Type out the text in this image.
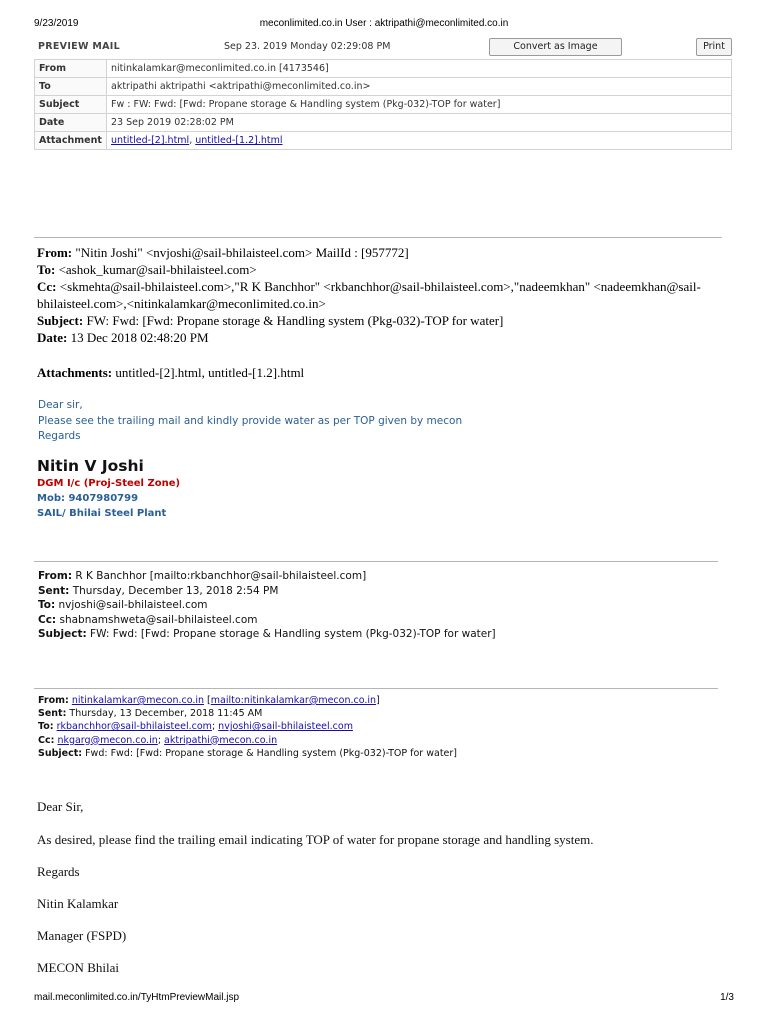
9/23/2019	meconlimited.co.in User : aktripathi@meconlimited.co.in
PREVIEW MAIL	Sep 23. 2019 Monday 02:29:08 PM	Convert as Image	Print
From	nitinkalamkar@meconlimited.co.in [4173546]
To	aktripathi aktripathi <aktripathi@meconlimited.co.in>
Subject	Fw : FW: Fwd: [Fwd: Propane storage & Handling system (Pkg-032)-TOP for water]
Date	23 Sep 2019 02:28:02 PM
Attachment	untitled-[2].html, untitled-[1.2].html
From: "Nitin Joshi" <nvjoshi@sail-bhilaisteel.com> MailId : [957772]
To: <ashok_kumar@sail-bhilaisteel.com>
Cc: <skmehta@sail-bhilaisteel.com>,"R K Banchhor" <rkbanchhor@sail-bhilaisteel.com>,"nadeemkhan" <nadeemkhan@sail-bhilaisteel.com>,<nitinkalamkar@meconlimited.co.in>
Subject: FW: Fwd: [Fwd: Propane storage & Handling system (Pkg-032)-TOP for water]
Date: 13 Dec 2018 02:48:20 PM
Attachments: untitled-[2].html, untitled-[1.2].html
Dear sir,
Please see the trailing mail and kindly provide water as per TOP given by mecon
Regards
Nitin V Joshi
DGM I/c (Proj-Steel Zone)
Mob: 9407980799
SAIL/ Bhilai Steel Plant
From: R K Banchhor [mailto:rkbanchhor@sail-bhilaisteel.com]
Sent: Thursday, December 13, 2018 2:54 PM
To: nvjoshi@sail-bhilaisteel.com
Cc: shabnamshweta@sail-bhilaisteel.com
Subject: FW: Fwd: [Fwd: Propane storage & Handling system (Pkg-032)-TOP for water]
From: nitinkalamkar@mecon.co.in [mailto:nitinkalamkar@mecon.co.in]
Sent: Thursday, 13 December, 2018 11:45 AM
To: rkbanchhor@sail-bhilaisteel.com; nvjoshi@sail-bhilaisteel.com
Cc: nkgarg@mecon.co.in; aktripathi@mecon.co.in
Subject: Fwd: Fwd: [Fwd: Propane storage & Handling system (Pkg-032)-TOP for water]
Dear Sir,
As desired, please find the trailing email indicating TOP of water for propane storage and handling system.
Regards
Nitin Kalamkar
Manager (FSPD)
MECON Bhilai
mail.meconlimited.co.in/TyHtmPreviewMail.jsp	1/3
